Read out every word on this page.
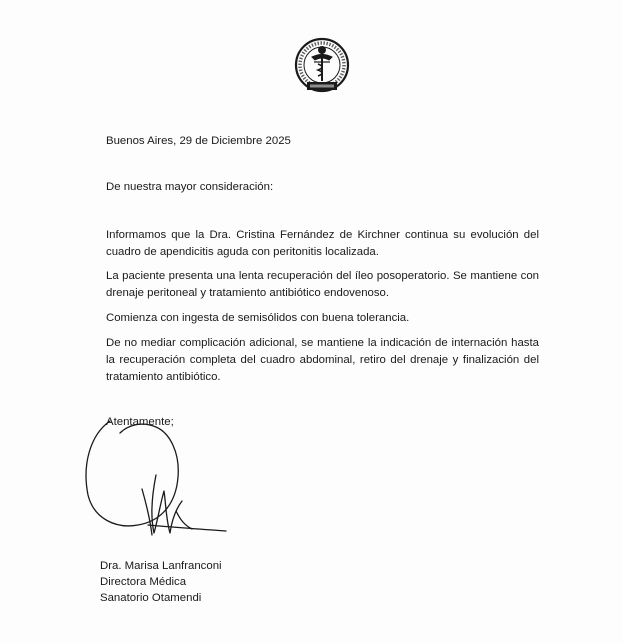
Buenos Aires, 29 de Diciembre 2025

De nuestra mayor consideración:

Informamos que la Dra. Cristina Fernández de Kirchner continua su evolución del cuadro de apendicitis aguda con peritonitis localizada.

La paciente presenta una lenta recuperación del íleo posoperatorio. Se mantiene con drenaje peritoneal y tratamiento antibiótico endovenoso.

Comienza con ingesta de semisólidos con buena tolerancia.

De no mediar complicación adicional, se mantiene la indicación de internación hasta la recuperación completa del cuadro abdominal, retiro del drenaje y finalización del tratamiento antibiótico.

Atentamente;

Dra. Marisa Lanfranconi
Directora Médica
Sanatorio Otamendi
